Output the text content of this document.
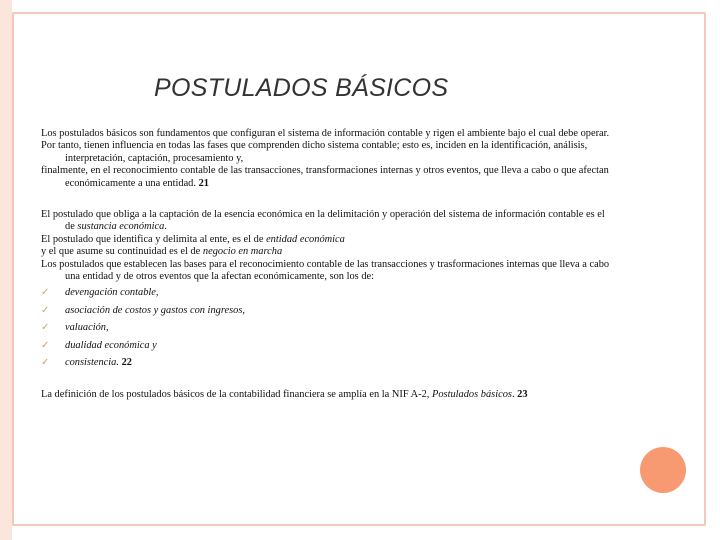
POSTULADOS BÁSICOS

Los postulados básicos son fundamentos que configuran el sistema de información contable y rigen el ambiente bajo el cual debe operar.

Por tanto, tienen influencia en todas las fases que comprenden dicho sistema contable; esto es, inciden en la identificación, análisis, interpretación, captación, procesamiento y,

finalmente, en el reconocimiento contable de las transacciones, transformaciones internas y otros eventos, que lleva a cabo o que afectan económicamente a una entidad. 21

El postulado que obliga a la captación de la esencia económica en la delimitación y operación del sistema de información contable es el de sustancia económica.

El postulado que identifica y delimita al ente, es el de entidad económica

y el que asume su continuidad es el de negocio en marcha

Los postulados que establecen las bases para el reconocimiento contable de las transacciones y trasformaciones internas que lleva a cabo una entidad y de otros eventos que la afectan económicamente, son los de:

✓ devengación contable,
✓ asociación de costos y gastos con ingresos,
✓ valuación,
✓ dualidad económica y
✓ consistencia. 22

La definición de los postulados básicos de la contabilidad financiera se amplía en la NIF A-2, Postulados básicos. 23
